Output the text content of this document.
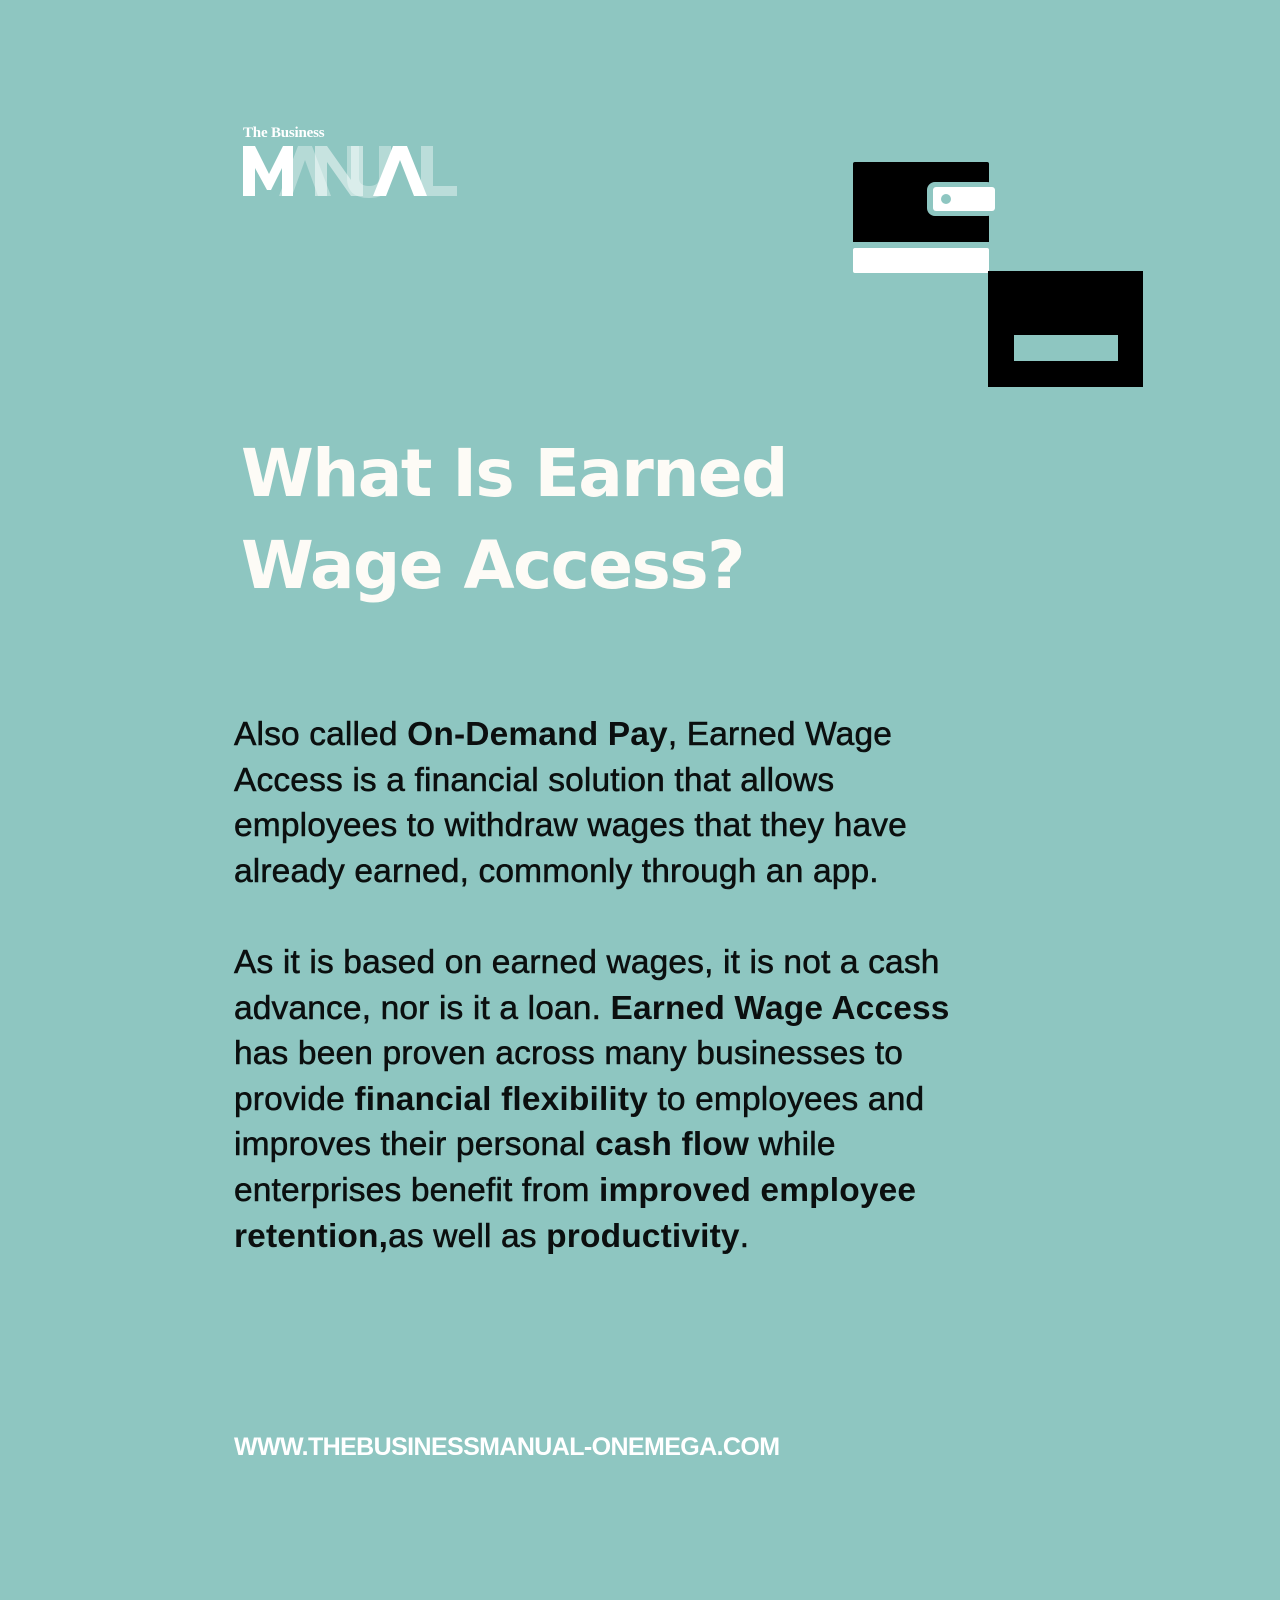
The Business
What Is Earned
Wage Access?

Also called On-Demand Pay, Earned Wage
Access is a financial solution that allows
employees to withdraw wages that they have
already earned, commonly through an app.

As it is based on earned wages, it is not a cash
advance, nor is it a loan. Earned Wage Access
has been proven across many businesses to
provide financial flexibility to employees and
improves their personal cash flow while
enterprises benefit from improved employee
retention,as well as productivity.

WWW.THEBUSINESSMANUAL-ONEMEGA.COM
